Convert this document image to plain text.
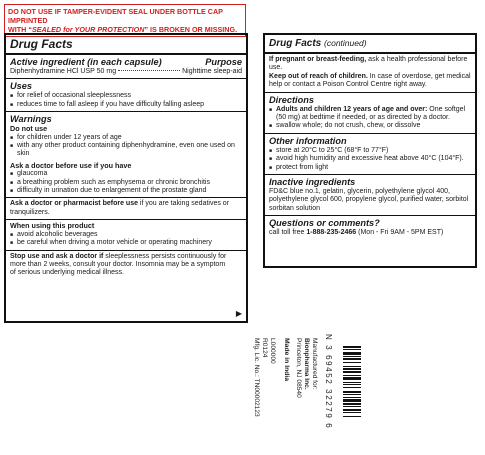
DO NOT USE IF TAMPER-EVIDENT SEAL UNDER BOTTLE CAP IMPRINTED
WITH “SEALED for YOUR PROTECTION” IS BROKEN OR MISSING.
Drug Facts
Active ingredient (in each capsule)	Purpose
Diphenhydramine HCl USP 50 mg	Nighttime sleep-aid
Uses
■ for relief of occasional sleeplessness
■ reduces time to fall asleep if you have difficulty falling asleep
Warnings
Do not use
■ for children under 12 years of age
■ with any other product containing diphenhydramine, even one used on skin
Ask a doctor before use if you have
■ glaucoma
■ a breathing problem such as emphysema or chronic bronchitis
■ difficulty in urination due to enlargement of the prostate gland
Ask a doctor or pharmacist before use if you are taking sedatives or tranquilizers.
When using this product
■ avoid alcoholic beverages
■ be careful when driving a motor vehicle or operating machinery
Stop use and ask a doctor if sleeplessness persists continuously for more than 2 weeks, consult your doctor. Insomnia may be a symptom of serious underlying medical illness.
▶
Drug Facts (continued)
If pregnant or breast-feeding, ask a health professional before use.
Keep out of reach of children. In case of overdose, get medical help or contact a Poison Control Centre right away.
Directions
■ Adults and children 12 years of age and over: One softgel (50 mg) at bedtime if needed, or as directed by a doctor.
■ swallow whole; do not crush, chew, or dissolve
Other information
■ store at 20°C to 25°C (68°F to 77°F)
■ avoid high humidity and excessive heat above 40°C (104°F).
■ protect from light
Inactive ingredients
FD&C blue no.1, gelatin, glycerin, polyethylene glycol 400, polyethylene glycol 600, propylene glycol, purified water, sorbitol sorbitan solution
Questions or comments?
call toll free 1-888-235-2466 (Mon - Fri 9AM - 5PM EST)
N 3 69452 32279 6
Manufactured for:
Bionpharma Inc.
Princeton, NJ 08540
Made in India
L000000
R0124
Mfg. Lic. No.: TN00002123
